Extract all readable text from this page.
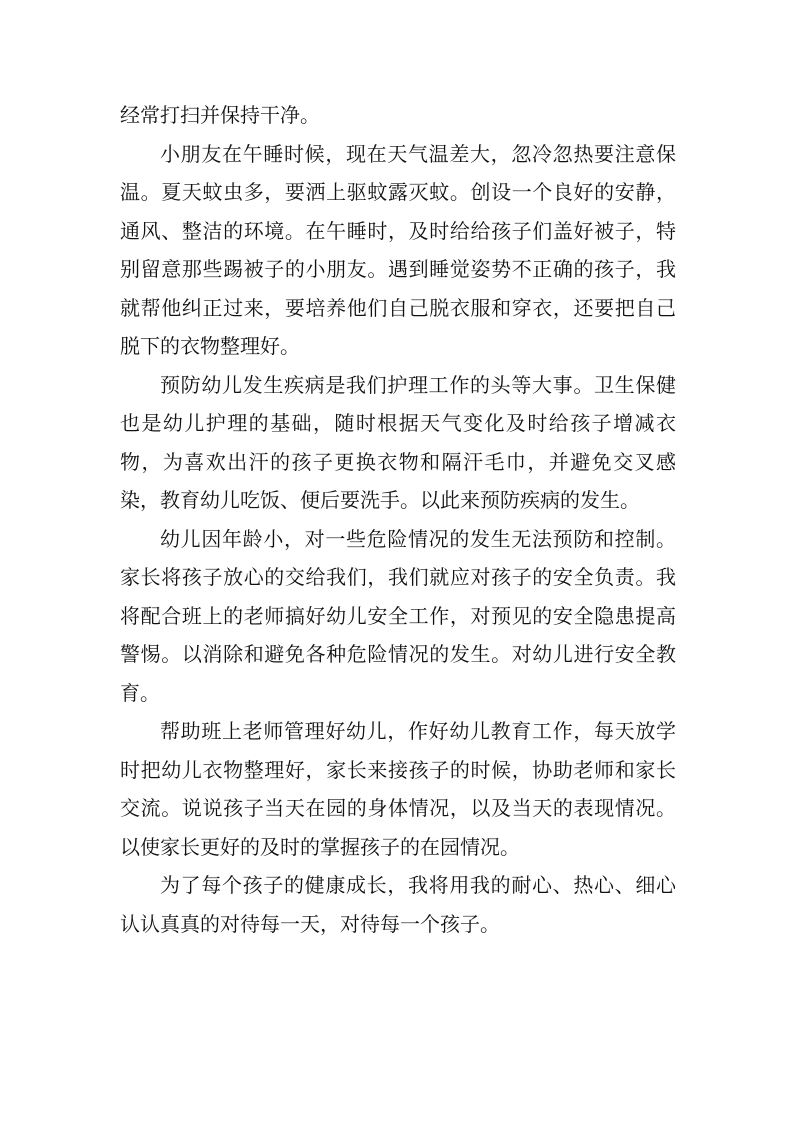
经常打扫并保持干净。

小朋友在午睡时候，现在天气温差大，忽冷忽热要注意保温。夏天蚊虫多，要洒上驱蚊露灭蚊。创设一个良好的安静，通风、整洁的环境。在午睡时，及时给给孩子们盖好被子，特别留意那些踢被子的小朋友。遇到睡觉姿势不正确的孩子，我就帮他纠正过来，要培养他们自己脱衣服和穿衣，还要把自己脱下的衣物整理好。

预防幼儿发生疾病是我们护理工作的头等大事。卫生保健也是幼儿护理的基础，随时根据天气变化及时给孩子增减衣物，为喜欢出汗的孩子更换衣物和隔汗毛巾，并避免交叉感染，教育幼儿吃饭、便后要洗手。以此来预防疾病的发生。

幼儿因年龄小，对一些危险情况的发生无法预防和控制。家长将孩子放心的交给我们，我们就应对孩子的安全负责。我将配合班上的老师搞好幼儿安全工作，对预见的安全隐患提高警惕。以消除和避免各种危险情况的发生。对幼儿进行安全教育。

帮助班上老师管理好幼儿，作好幼儿教育工作，每天放学时把幼儿衣物整理好，家长来接孩子的时候，协助老师和家长交流。说说孩子当天在园的身体情况，以及当天的表现情况。以使家长更好的及时的掌握孩子的在园情况。

为了每个孩子的健康成长，我将用我的耐心、热心、细心认认真真的对待每一天，对待每一个孩子。
